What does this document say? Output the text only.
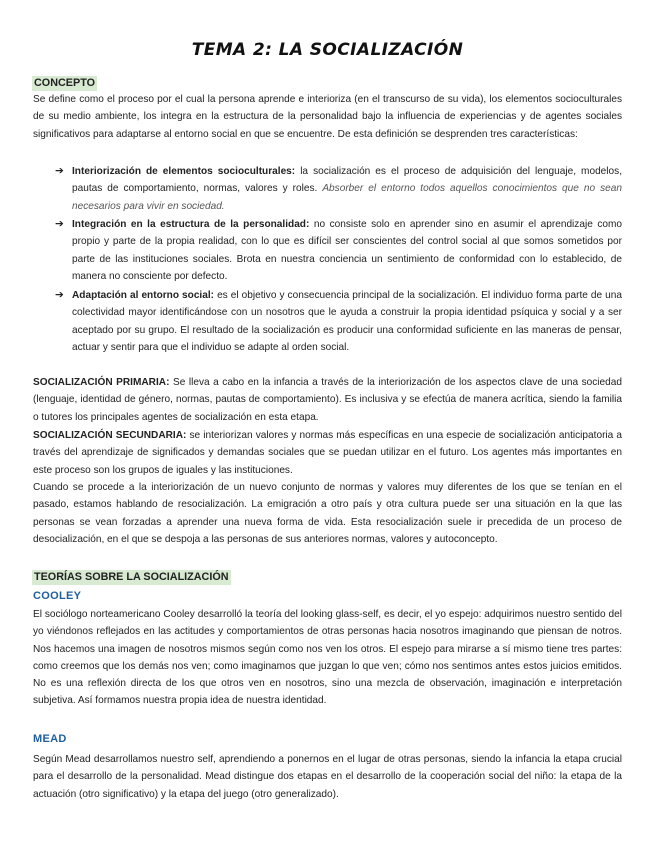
TEMA 2: LA SOCIALIZACIÓN
CONCEPTO

Se define como el proceso por el cual la persona aprende e interioriza (en el transcurso de su vida), los elementos socioculturales de su medio ambiente, los integra en la estructura de la personalidad bajo la influencia de experiencias y de agentes sociales significativos para adaptarse al entorno social en que se encuentre. De esta definición se desprenden tres características:

➔ Interiorización de elementos socioculturales: la socialización es el proceso de adquisición del lenguaje, modelos, pautas de comportamiento, normas, valores y roles. Absorber el entorno todos aquellos conocimientos que no sean necesarios para vivir en sociedad.

➔ Integración en la estructura de la personalidad: no consiste solo en aprender sino en asumir el aprendizaje como propio y parte de la propia realidad, con lo que es difícil ser conscientes del control social al que somos sometidos por parte de las instituciones sociales. Brota en nuestra conciencia un sentimiento de conformidad con lo establecido, de manera no consciente por defecto.

➔ Adaptación al entorno social: es el objetivo y consecuencia principal de la socialización. El individuo forma parte de una colectividad mayor identificándose con un nosotros que le ayuda a construir la propia identidad psíquica y social y a ser aceptado por su grupo. El resultado de la socialización es producir una conformidad suficiente en las maneras de pensar, actuar y sentir para que el individuo se adapte al orden social.

SOCIALIZACIÓN PRIMARIA: Se lleva a cabo en la infancia a través de la interiorización de los aspectos clave de una sociedad (lenguaje, identidad de género, normas, pautas de comportamiento). Es inclusiva y se efectúa de manera acrítica, siendo la familia o tutores los principales agentes de socialización en esta etapa.

SOCIALIZACIÓN SECUNDARIA: se interiorizan valores y normas más específicas en una especie de socialización anticipatoria a través del aprendizaje de significados y demandas sociales que se puedan utilizar en el futuro. Los agentes más importantes en este proceso son los grupos de iguales y las instituciones.

Cuando se procede a la interiorización de un nuevo conjunto de normas y valores muy diferentes de los que se tenían en el pasado, estamos hablando de resocialización. La emigración a otro país y otra cultura puede ser una situación en la que las personas se vean forzadas a aprender una nueva forma de vida. Esta resocialización suele ir precedida de un proceso de desocialización, en el que se despoja a las personas de sus anteriores normas, valores y autoconcepto.

TEORÍAS SOBRE LA SOCIALIZACIÓN
COOLEY

El sociólogo norteamericano Cooley desarrolló la teoría del looking glass-self, es decir, el yo espejo: adquirimos nuestro sentido del yo viéndonos reflejados en las actitudes y comportamientos de otras personas hacia nosotros imaginando que piensan de notros. Nos hacemos una imagen de nosotros mismos según como nos ven los otros. El espejo para mirarse a sí mismo tiene tres partes: como creemos que los demás nos ven; como imaginamos que juzgan lo que ven; cómo nos sentimos antes estos juicios emitidos. No es una reflexión directa de los que otros ven en nosotros, sino una mezcla de observación, imaginación e interpretación subjetiva. Así formamos nuestra propia idea de nuestra identidad.

MEAD

Según Mead desarrollamos nuestro self, aprendiendo a ponernos en el lugar de otras personas, siendo la infancia la etapa crucial para el desarrollo de la personalidad. Mead distingue dos etapas en el desarrollo de la cooperación social del niño: la etapa de la actuación (otro significativo) y la etapa del juego (otro generalizado).
